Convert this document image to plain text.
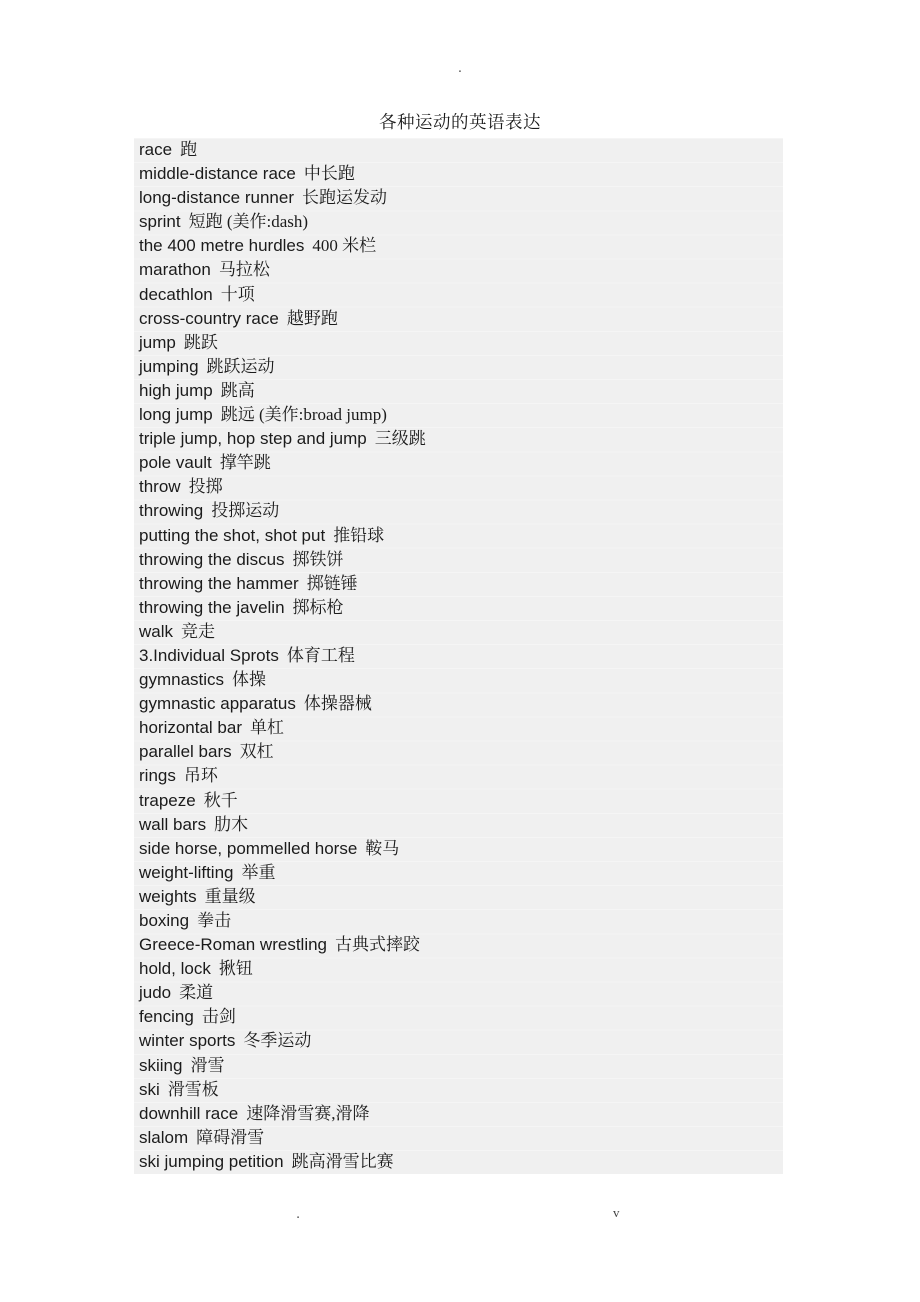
.
各种运动的英语表达
race 跑
middle-distance race 中长跑
long-distance runner 长跑运发动
sprint 短跑 (美作:dash)
the 400 metre hurdles 400 米栏
marathon 马拉松
decathlon 十项
cross-country race 越野跑
jump 跳跃
jumping 跳跃运动
high jump 跳高
long jump 跳远 (美作:broad jump)
triple jump, hop step and jump 三级跳
pole vault 撑竿跳
throw 投掷
throwing 投掷运动
putting the shot, shot put 推铅球
throwing the discus 掷铁饼
throwing the hammer 掷链锤
throwing the javelin 掷标枪
walk 竞走
3.Individual Sprots 体育工程
gymnastics 体操
gymnastic apparatus 体操器械
horizontal bar 单杠
parallel bars 双杠
rings 吊环
trapeze 秋千
wall bars 肋木
side horse, pommelled horse 鞍马
weight-lifting 举重
weights 重量级
boxing 拳击
Greece-Roman wrestling 古典式摔跤
hold, lock 揪钮
judo 柔道
fencing 击剑
winter sports 冬季运动
skiing 滑雪
ski 滑雪板
downhill race 速降滑雪赛,滑降
slalom 障碍滑雪
ski jumping petition 跳高滑雪比赛
.	v
